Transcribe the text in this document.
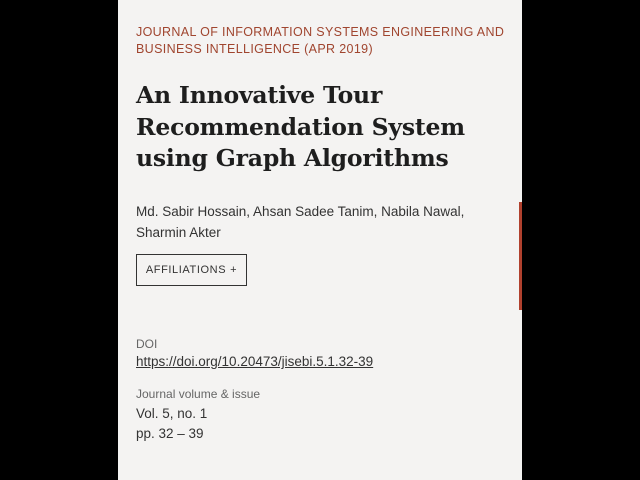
JOURNAL OF INFORMATION SYSTEMS ENGINEERING AND BUSINESS INTELLIGENCE (APR 2019)
An Innovative Tour Recommendation System using Graph Algorithms
Md. Sabir Hossain, Ahsan Sadee Tanim, Nabila Nawal, Sharmin Akter
AFFILIATIONS +
DOI
https://doi.org/10.20473/jisebi.5.1.32-39
Journal volume & issue
Vol. 5, no. 1
pp. 32 – 39
